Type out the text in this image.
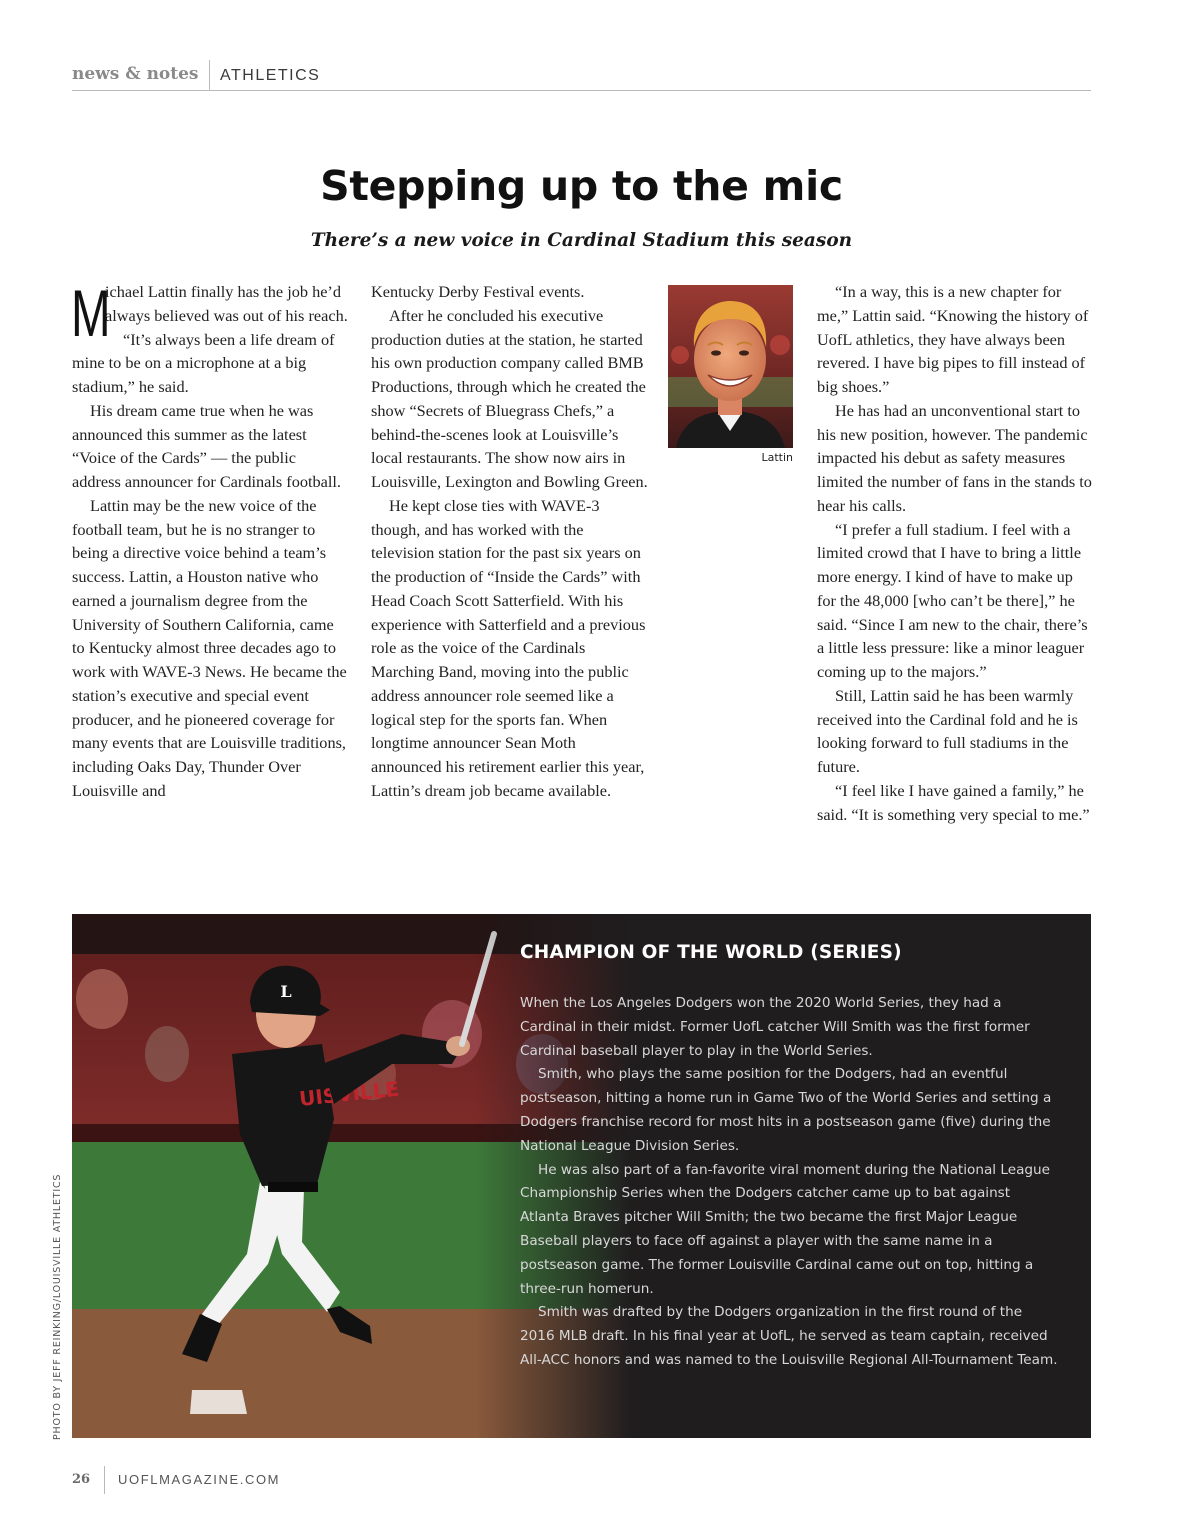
news & notes ATHLETICS
Stepping up to the mic

There’s a new voice in Cardinal Stadium this season

M

ichael Lattin finally has the job he’d always believed was out of his reach.

“It’s always been a life dream of mine to be on a microphone at a big stadium,” he said.

His dream came true when he was announced this summer as the latest “Voice of the Cards” — the public address announcer for Cardinals football.

Lattin may be the new voice of the football team, but he is no stranger to being a directive voice behind a team’s success. Lattin, a Houston native who earned a journalism degree from the University of Southern California, came to Kentucky almost three decades ago to work with WAVE-3 News. He became the station’s executive and special event producer, and he pioneered coverage for many events that are Louisville traditions, including Oaks Day, Thunder Over Louisville and

Kentucky Derby Festival events.

After he concluded his executive production duties at the station, he started his own production company called BMB Productions, through which he created the show “Secrets of Bluegrass Chefs,” a behind-the-scenes look at Louisville’s local restaurants. The show now airs in Louisville, Lexington and Bowling Green.

He kept close ties with WAVE-3 though, and has worked with the television station for the past six years on the production of “Inside the Cards” with Head Coach Scott Satterfield. With his experience with Satterfield and a previous role as the voice of the Cardinals Marching Band, moving into the public address announcer role seemed like a logical step for the sports fan. When longtime announcer Sean Moth announced his retirement earlier this year, Lattin’s dream job became available.

Lattin

“In a way, this is a new chapter for me,” Lattin said. “Knowing the history of UofL athletics, they have always been revered. I have big pipes to fill instead of big shoes.”

He has had an unconventional start to his new position, however. The pandemic impacted his debut as safety measures limited the number of fans in the stands to hear his calls.

“I prefer a full stadium. I feel with a limited crowd that I have to bring a little more energy. I kind of have to make up for the 48,000 [who can’t be there],” he said. “Since I am new to the chair, there’s a little less pressure: like a minor leaguer coming up to the majors.”

Still, Lattin said he has been warmly received into the Cardinal fold and he is looking forward to full stadiums in the future.

“I feel like I have gained a family,” he said. “It is something very special to me.”

CHAMPION OF THE WORLD (SERIES)

When the Los Angeles Dodgers won the 2020 World Series, they had a Cardinal in their midst. Former UofL catcher Will Smith was the first former Cardinal baseball player to play in the World Series.

Smith, who plays the same position for the Dodgers, had an eventful postseason, hitting a home run in Game Two of the World Series and setting a Dodgers franchise record for most hits in a postseason game (five) during the National League Division Series.

He was also part of a fan-favorite viral moment during the National League Championship Series when the Dodgers catcher came up to bat against Atlanta Braves pitcher Will Smith; the two became the first Major League Baseball players to face off against a player with the same name in a postseason game. The former Louisville Cardinal came out on top, hitting a three-run homerun.

Smith was drafted by the Dodgers organization in the first round of the 2016 MLB draft. In his final year at UofL, he served as team captain, received All-ACC honors and was named to the Louisville Regional All-Tournament Team.

PHOTO BY JEFF REINKING/LOUISVILLE ATHLETICS
26 UOFLMAGAZINE.COM
